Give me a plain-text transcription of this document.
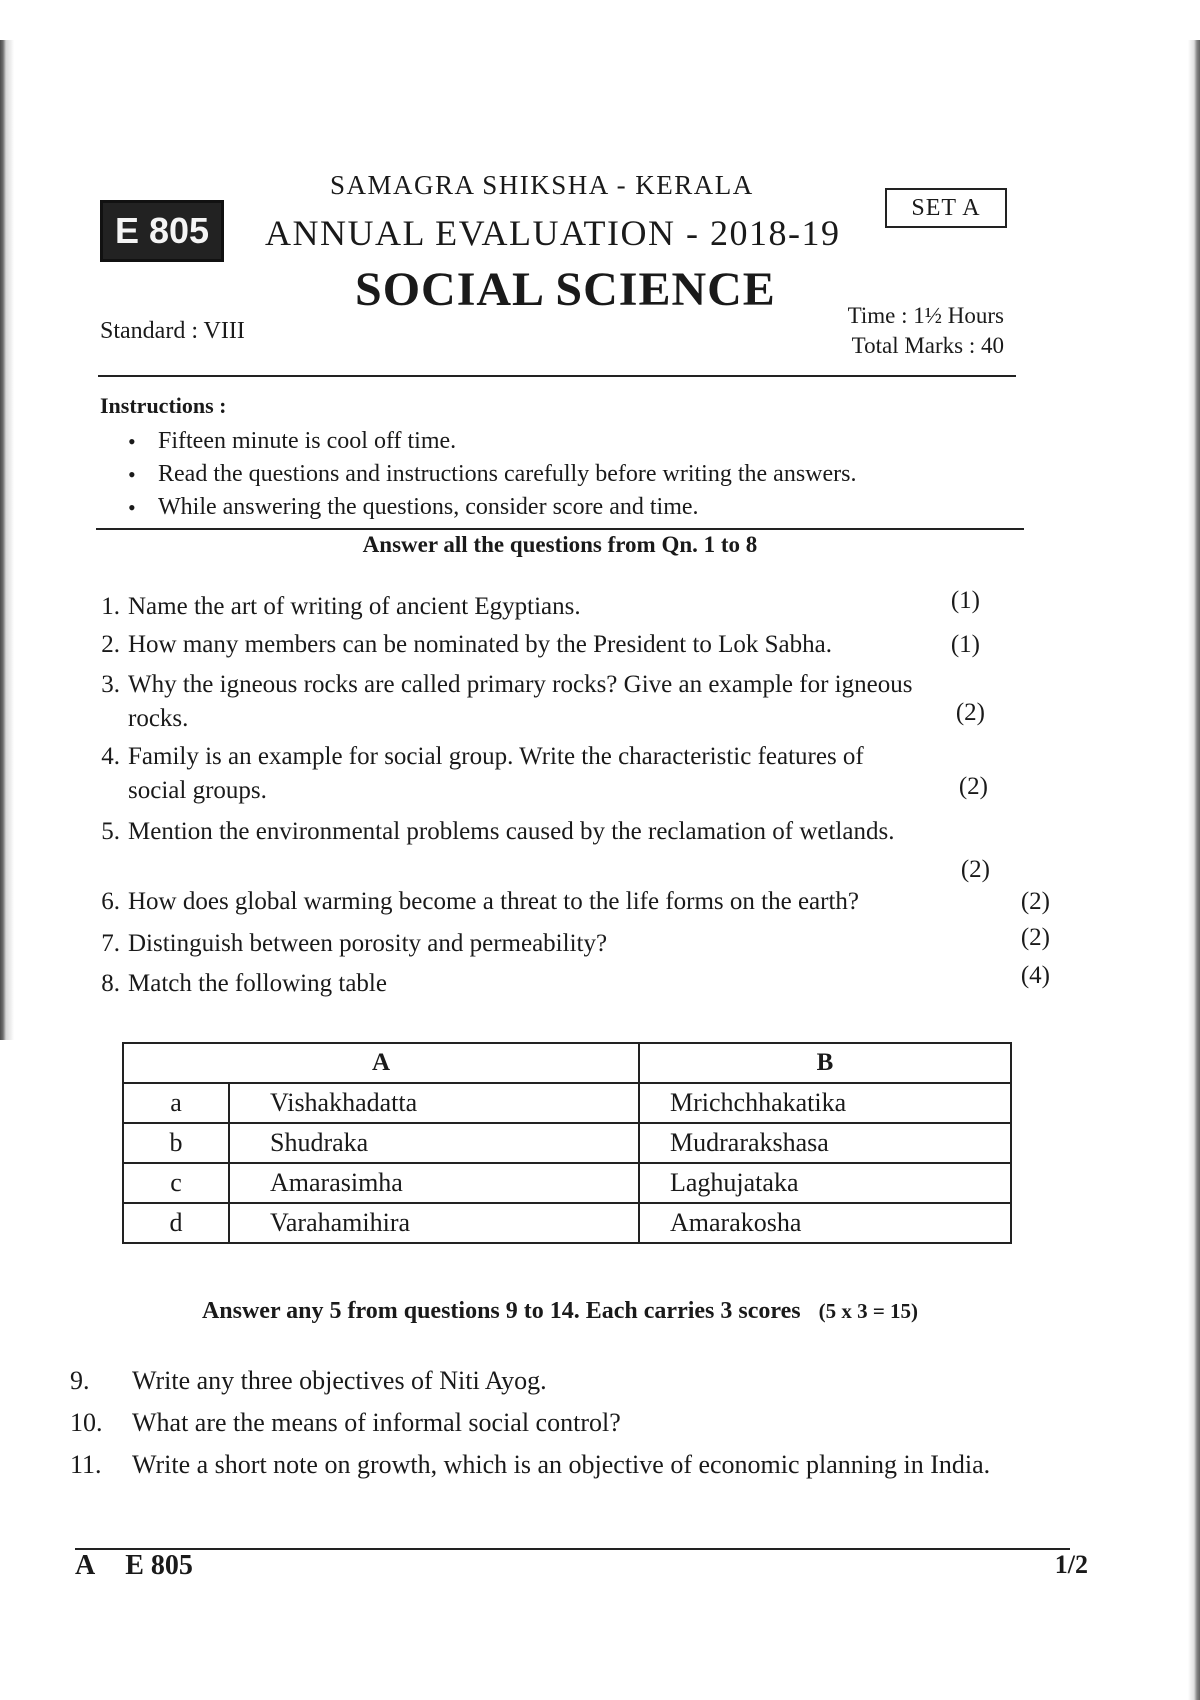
E 805
SAMAGRA SHIKSHA - KERALA
ANNUAL EVALUATION - 2018-19
SET A
SOCIAL SCIENCE
Standard : VIII
Time : 1½ Hours
Total Marks : 40
Instructions :
• Fifteen minute is cool off time.
• Read the questions and instructions carefully before writing the answers.
• While answering the questions, consider score and time.
Answer all the questions from Qn. 1 to 8
1. Name the art of writing of ancient Egyptians.	(1)
2. How many members can be nominated by the President to Lok Sabha.	(1)
3. Why the igneous rocks are called primary rocks? Give an example for igneous rocks.	(2)
4. Family is an example for social group. Write the characteristic features of social groups.	(2)
5. Mention the environmental problems caused by the reclamation of wetlands.
(2)
6. How does global warming become a threat to the life forms on the earth?	(2)
7. Distinguish between porosity and permeability?	(2)
8. Match the following table	(4)
A		B
a	Vishakhadatta	Mrichchhakatika
b	Shudraka	Mudrarakshasa
c	Amarasimha	Laghujataka
d	Varahamihira	Amarakosha
Answer any 5 from questions 9 to 14. Each carries 3 scores (5 x 3 = 15)
9.	Write any three objectives of Niti Ayog.
10.	What are the means of informal social control?
11.	Write a short note on growth, which is an objective of economic planning in India.
A E 805	1/2
